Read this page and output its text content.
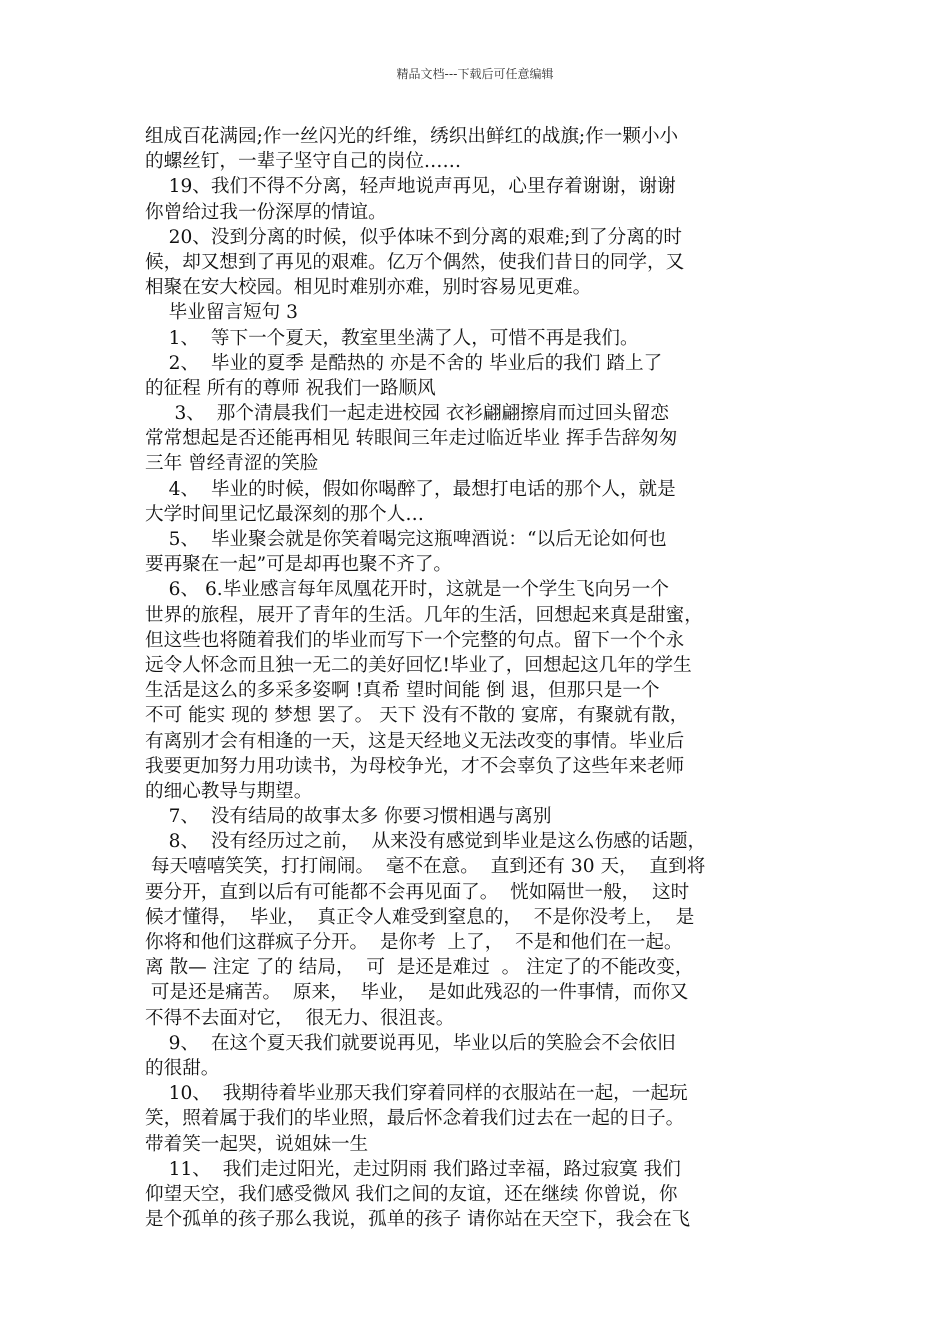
精品文档---下载后可任意编辑
组成百花满园;作一丝闪光的纤维，绣织出鲜红的战旗;作一颗小小
的螺丝钉，一辈子坚守自己的岗位……
19、我们不得不分离，轻声地说声再见，心里存着谢谢，谢谢
你曾给过我一份深厚的情谊。
20、没到分离的时候，似乎体味不到分离的艰难;到了分离的时
候，却又想到了再见的艰难。亿万个偶然，使我们昔日的同学，又
相聚在安大校园。相见时难别亦难，别时容易见更难。
毕业留言短句 3
1、  等下一个夏天，教室里坐满了人，可惜不再是我们。
2、  毕业的夏季 是酷热的 亦是不舍的 毕业后的我们 踏上了
的征程 所有的尊师 祝我们一路顺风
3、  那个清晨我们一起走进校园 衣衫翩翩擦肩而过回头留恋
常常想起是否还能再相见 转眼间三年走过临近毕业 挥手告辞匆匆
三年 曾经青涩的笑脸
4、  毕业的时候，假如你喝醉了，最想打电话的那个人，就是
大学时间里记忆最深刻的那个人…
5、  毕业聚会就是你笑着喝完这瓶啤酒说：“以后无论如何也
要再聚在一起”可是却再也聚不齐了。
6、 6.毕业感言每年凤凰花开时，这就是一个学生飞向另一个
世界的旅程，展开了青年的生活。几年的生活，回想起来真是甜蜜，
但这些也将随着我们的毕业而写下一个完整的句点。留下一个个永
远令人怀念而且独一无二的美好回忆!毕业了，回想起这几年的学生
生活是这么的多采多姿啊 !真希 望时间能 倒 退，但那只是一个
不可 能实 现的 梦想 罢了。 天下 没有不散的 宴席，有聚就有散，
有离别才会有相逢的一天，这是天经地义无法改变的事情。毕业后
我要更加努力用功读书，为母校争光，才不会辜负了这些年来老师
的细心教导与期望。
7、  没有结局的故事太多 你要习惯相遇与离别
8、  没有经历过之前，  从来没有感觉到毕业是这么伤感的话题，
每天嘻嘻笑笑，打打闹闹。  毫不在意。  直到还有 30 天，  直到将
要分开，直到以后有可能都不会再见面了。  恍如隔世一般，  这时
候才懂得，  毕业，  真正令人难受到窒息的，  不是你没考上，  是
你将和他们这群疯子分开。  是你考  上了，  不是和他们在一起。
离 散— 注定 了的 结局，  可  是还是难过  。 注定了的不能改变，
可是还是痛苦。  原来，  毕业，  是如此残忍的一件事情，而你又
不得不去面对它，  很无力、很沮丧。
9、  在这个夏天我们就要说再见，毕业以后的笑脸会不会依旧
的很甜。
10、  我期待着毕业那天我们穿着同样的衣服站在一起，一起玩
笑，照着属于我们的毕业照，最后怀念着我们过去在一起的日子。
带着笑一起哭，说姐妹一生
11、  我们走过阳光，走过阴雨 我们路过幸福，路过寂寞 我们
仰望天空，我们感受微风 我们之间的友谊，还在继续 你曾说，你
是个孤单的孩子那么我说，孤单的孩子 请你站在天空下，我会在飞
